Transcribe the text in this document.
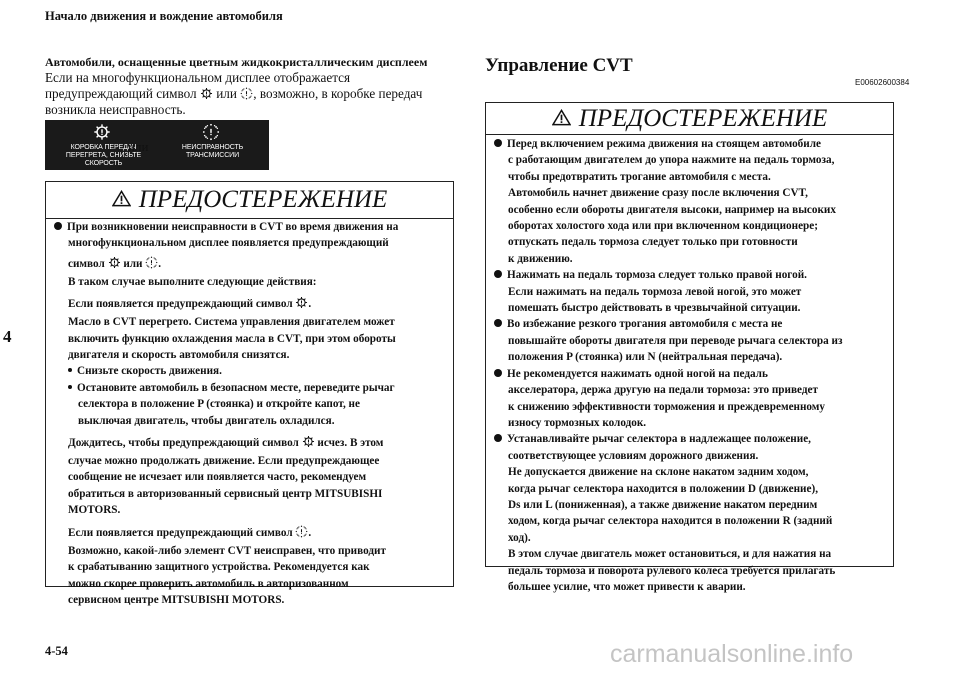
Начало движения и вождение автомобиля
4
Автомобили, оснащенные цветным жидкокристаллическим дисплеем
Если на многофункциональном дисплее отображается
предупреждающий символ или , возможно, в коробке передач
возникла неисправность.
КОРОБКА ПЕРЕДАЧ ПЕРЕГРЕТА, СНИЗЬТЕ СКОРОСТЬ
или	НЕИСПРАВНОСТЬ ТРАНСМИССИИ
ПРЕДОСТЕРЕЖЕНИЕ

При возникновении неисправности в CVT во время движения на

многофункциональном дисплее появляется предупреждающий

символ или .

В таком случае выполните следующие действия:

Если появляется предупреждающий символ .

Масло в CVT перегрето. Система управления двигателем может

включить функцию охлаждения масла в CVT, при этом обороты

двигателя и скорость автомобиля снизятся.

Снизьте скорость движения.

Остановите автомобиль в безопасном месте, переведите рычаг

селектора в положение P (стоянка) и откройте капот, не

выключая двигатель, чтобы двигатель охладился.

Дождитесь, чтобы предупреждающий символ исчез. В этом

случае можно продолжать движение. Если предупреждающее

сообщение не исчезает или появляется часто, рекомендуем

обратиться в авторизованный сервисный центр MITSUBISHI

MOTORS.

Если появляется предупреждающий символ .

Возможно, какой-либо элемент CVT неисправен, что приводит

к срабатыванию защитного устройства. Рекомендуется как

можно скорее проверить автомобиль в авторизованном

сервисном центре MITSUBISHI MOTORS.

Управление CVT
E00602600384
ПРЕДОСТЕРЕЖЕНИЕ

Перед включением режима движения на стоящем автомобиле

с работающим двигателем до упора нажмите на педаль тормоза,

чтобы предотвратить трогание автомобиля с места.

Автомобиль начнет движение сразу после включения CVT,

особенно если обороты двигателя высоки, например на высоких

оборотах холостого хода или при включенном кондиционере;

отпускать педаль тормоза следует только при готовности

к движению.

Нажимать на педаль тормоза следует только правой ногой.

Если нажимать на педаль тормоза левой ногой, это может

помешать быстро действовать в чрезвычайной ситуации.

Во избежание резкого трогания автомобиля с места не

повышайте обороты двигателя при переводе рычага селектора из

положения P (стоянка) или N (нейтральная передача).

Не рекомендуется нажимать одной ногой на педаль

акселератора, держа другую на педали тормоза: это приведет

к снижению эффективности торможения и преждевременному

износу тормозных колодок.

Устанавливайте рычаг селектора в надлежащее положение,

соответствующее условиям дорожного движения.

Не допускается движение на склоне накатом задним ходом,

когда рычаг селектора находится в положении D (движение),

Ds или L (пониженная), а также движение накатом передним

ходом, когда рычаг селектора находится в положении R (задний

ход).

В этом случае двигатель может остановиться, и для нажатия на

педаль тормоза и поворота рулевого колеса требуется прилагать

большее усилие, что может привести к аварии.

4-54	carmanualsonline.info
